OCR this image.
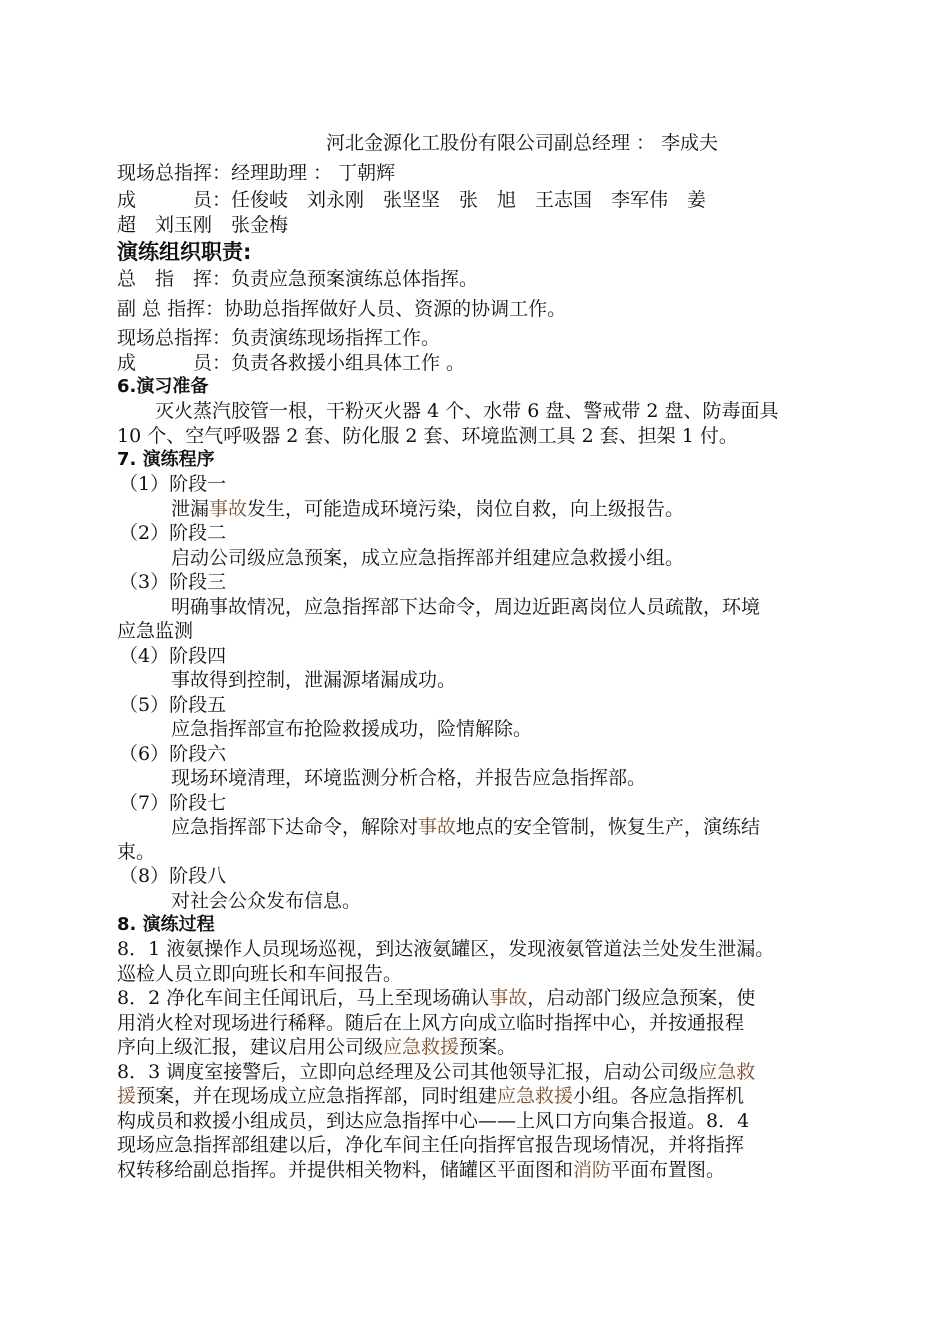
河北金源化工股份有限公司副总经理 ： 李成夫
现场总指挥：经理助理 ： 丁朝辉
成　　　员：任俊岐　刘永刚　张坚坚　张　旭　王志国　李军伟　姜
超　刘玉刚　张金梅
演练组织职责:
总　指　挥：负责应急预案演练总体指挥。
副 总 指挥：协助总指挥做好人员、资源的协调工作。
现场总指挥：负责演练现场指挥工作。
成　　　员：负责各救援小组具体工作 。
6.演习准备
灭火蒸汽胶管一根，干粉灭火器 4 个、水带 6 盘、警戒带 2 盘、防毒面具
10 个、空气呼吸器 2 套、防化服 2 套、环境监测工具 2 套、担架 1 付。
7. 演练程序
（1）阶段一
泄漏事故发生，可能造成环境污染，岗位自救，向上级报告。
（2）阶段二
启动公司级应急预案，成立应急指挥部并组建应急救援小组。
（3）阶段三
明确事故情况，应急指挥部下达命令，周边近距离岗位人员疏散，环境
应急监测
（4）阶段四
事故得到控制，泄漏源堵漏成功。
（5）阶段五
应急指挥部宣布抢险救援成功，险情解除。
（6）阶段六
现场环境清理，环境监测分析合格，并报告应急指挥部。
（7）阶段七
应急指挥部下达命令，解除对事故地点的安全管制，恢复生产，演练结
束。
（8）阶段八
对社会公众发布信息。
8. 演练过程
8．1 液氨操作人员现场巡视，到达液氨罐区，发现液氨管道法兰处发生泄漏。
巡检人员立即向班长和车间报告。
8．2 净化车间主任闻讯后，马上至现场确认事故，启动部门级应急预案，使
用消火栓对现场进行稀释。随后在上风方向成立临时指挥中心，并按通报程
序向上级汇报，建议启用公司级应急救援预案。
8．3 调度室接警后，立即向总经理及公司其他领导汇报，启动公司级应急救
援预案，并在现场成立应急指挥部，同时组建应急救援小组。各应急指挥机
构成员和救援小组成员，到达应急指挥中心——上风口方向集合报道。8．4
现场应急指挥部组建以后，净化车间主任向指挥官报告现场情况，并将指挥
权转移给副总指挥。并提供相关物料，储罐区平面图和消防平面布置图。
